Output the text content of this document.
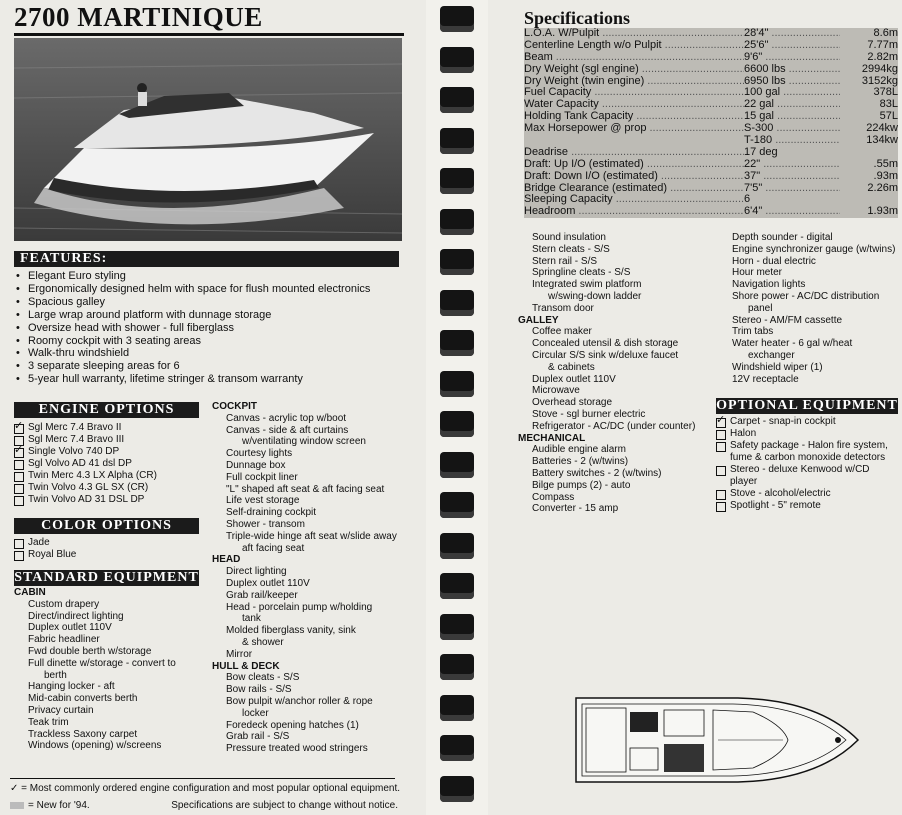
2700 MARTINIQUE
FEATURES:
• Elegant Euro styling
• Ergonomically designed helm with space for flush mounted electronics
• Spacious galley
• Large wrap around platform with dunnage storage
• Oversize head with shower - full fiberglass
• Roomy cockpit with 3 seating areas
• Walk-thru windshield
• 3 separate sleeping areas for 6
• 5-year hull warranty, lifetime stringer & transom warranty
ENGINE OPTIONS
✓
Sgl Merc 7.4 Bravo II
Sgl Merc 7.4 Bravo III
✓
Single Volvo 740 DP
Sgl Volvo AD 41 dsl DP
Twin Merc 4.3 LX Alpha (CR)
Twin Volvo 4.3 GL SX (CR)
Twin Volvo AD 31 DSL DP
COLOR OPTIONS
Jade
Royal Blue
STANDARD EQUIPMENT
CABIN
Custom drapery
Direct/indirect lighting
Duplex outlet 110V
Fabric headliner
Fwd double berth w/storage
Full dinette w/storage - convert to
berth
Hanging locker - aft
Mid-cabin converts berth
Privacy curtain
Teak trim
Trackless Saxony carpet
Windows (opening) w/screens
COCKPIT
Canvas - acrylic top w/boot
Canvas - side & aft curtains
w/ventilating window screen
Courtesy lights
Dunnage box
Full cockpit liner
"L" shaped aft seat & aft facing seat
Life vest storage
Self-draining cockpit
Shower - transom
Triple-wide hinge aft seat w/slide away
aft facing seat
HEAD
Direct lighting
Duplex outlet 110V
Grab rail/keeper
Head - porcelain pump w/holding
tank
Molded fiberglass vanity, sink
& shower
Mirror
HULL & DECK
Bow cleats - S/S
Bow rails - S/S
Bow pulpit w/anchor roller & rope
locker
Foredeck opening hatches (1)
Grab rail - S/S
Pressure treated wood stringers
✓ = Most commonly ordered engine configuration and most popular optional equipment.
= New for '94.	Specifications are subject to change without notice.
Specifications
L.O.A. W/Pulpit .....	28'4" .....	8.6m
Centerline Length w/o Pulpit .....	25'6" .....	7.77m
Beam .....	9'6" .....	2.82m
Dry Weight (sgl engine) .....	6600 lbs .....	2994kg
Dry Weight (twin engine) .....	6950 lbs .....	3152kg
Fuel Capacity .....	100 gal .....	378L
Water Capacity .....	22 gal .....	83L
Holding Tank Capacity .....	15 gal .....	57L
Max Horsepower @ prop .....	S-300 .....	224kw
T-180 .....	134kw
Deadrise .....	17 deg
Draft: Up I/O (estimated) .....	22" .....	.55m
Draft: Down I/O (estimated) .....	37" .....	.93m
Bridge Clearance (estimated) .....	7'5" .....	2.26m
Sleeping Capacity .....	6
Headroom .....	6'4" .....	1.93m
Sound insulation
Stern cleats - S/S
Stern rail - S/S
Springline cleats - S/S
Integrated swim platform
w/swing-down ladder
Transom door
GALLEY
Coffee maker
Concealed utensil & dish storage
Circular S/S sink w/deluxe faucet
& cabinets
Duplex outlet 110V
Microwave
Overhead storage
Stove - sgl burner electric
Refrigerator - AC/DC (under counter)
MECHANICAL
Audible engine alarm
Batteries - 2 (w/twins)
Battery switches - 2 (w/twins)
Bilge pumps (2) - auto
Compass
Converter - 15 amp
Depth sounder - digital
Engine synchronizer gauge (w/twins)
Horn - dual electric
Hour meter
Navigation lights
Shore power - AC/DC distribution
panel
Stereo - AM/FM cassette
Trim tabs
Water heater - 6 gal w/heat
exchanger
Windshield wiper (1)
12V receptacle
OPTIONAL EQUIPMENT
✓
Carpet - snap-in cockpit
Halon
Safety package - Halon fire system,
fume & carbon monoxide detectors
Stereo - deluxe Kenwood w/CD
player
Stove - alcohol/electric
Spotlight - 5" remote
